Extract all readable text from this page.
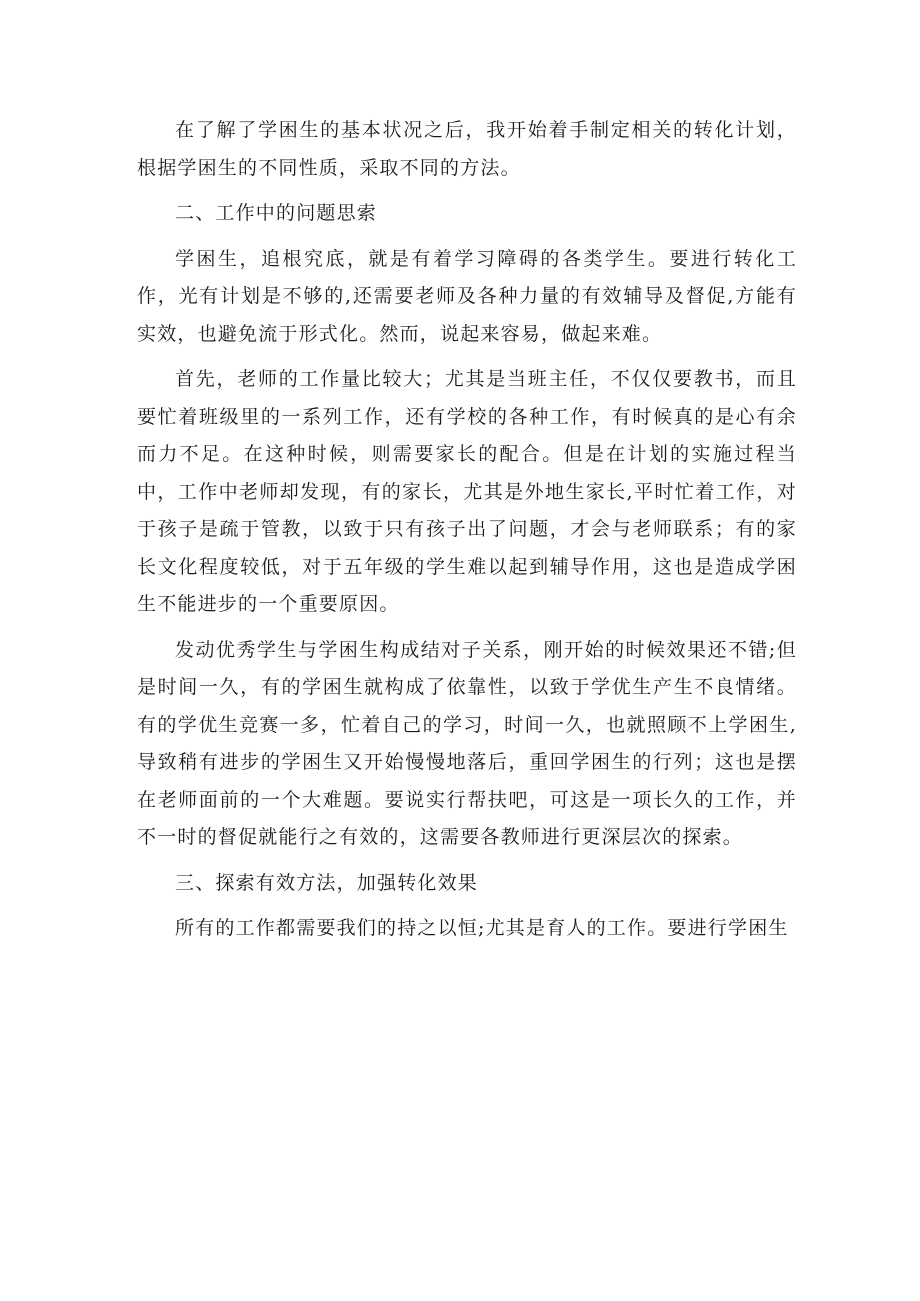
在了解了学困生的基本状况之后，我开始着手制定相关的转化计划，根据学困生的不同性质，采取不同的方法。

二、工作中的问题思索

学困生，追根究底，就是有着学习障碍的各类学生。要进行转化工作，光有计划是不够的,还需要老师及各种力量的有效辅导及督促,方能有实效，也避免流于形式化。然而，说起来容易，做起来难。

首先，老师的工作量比较大；尤其是当班主任，不仅仅要教书，而且要忙着班级里的一系列工作，还有学校的各种工作，有时候真的是心有余而力不足。在这种时候，则需要家长的配合。但是在计划的实施过程当中，工作中老师却发现，有的家长，尤其是外地生家长,平时忙着工作，对于孩子是疏于管教，以致于只有孩子出了问题，才会与老师联系；有的家长文化程度较低，对于五年级的学生难以起到辅导作用，这也是造成学困生不能进步的一个重要原因。

发动优秀学生与学困生构成结对子关系，刚开始的时候效果还不错;但是时间一久，有的学困生就构成了依靠性，以致于学优生产生不良情绪。有的学优生竞赛一多，忙着自己的学习，时间一久，也就照顾不上学困生,导致稍有进步的学困生又开始慢慢地落后，重回学困生的行列；这也是摆在老师面前的一个大难题。要说实行帮扶吧，可这是一项长久的工作，并不一时的督促就能行之有效的，这需要各教师进行更深层次的探索。

三、探索有效方法，加强转化效果

所有的工作都需要我们的持之以恒;尤其是育人的工作。要进行学困生
